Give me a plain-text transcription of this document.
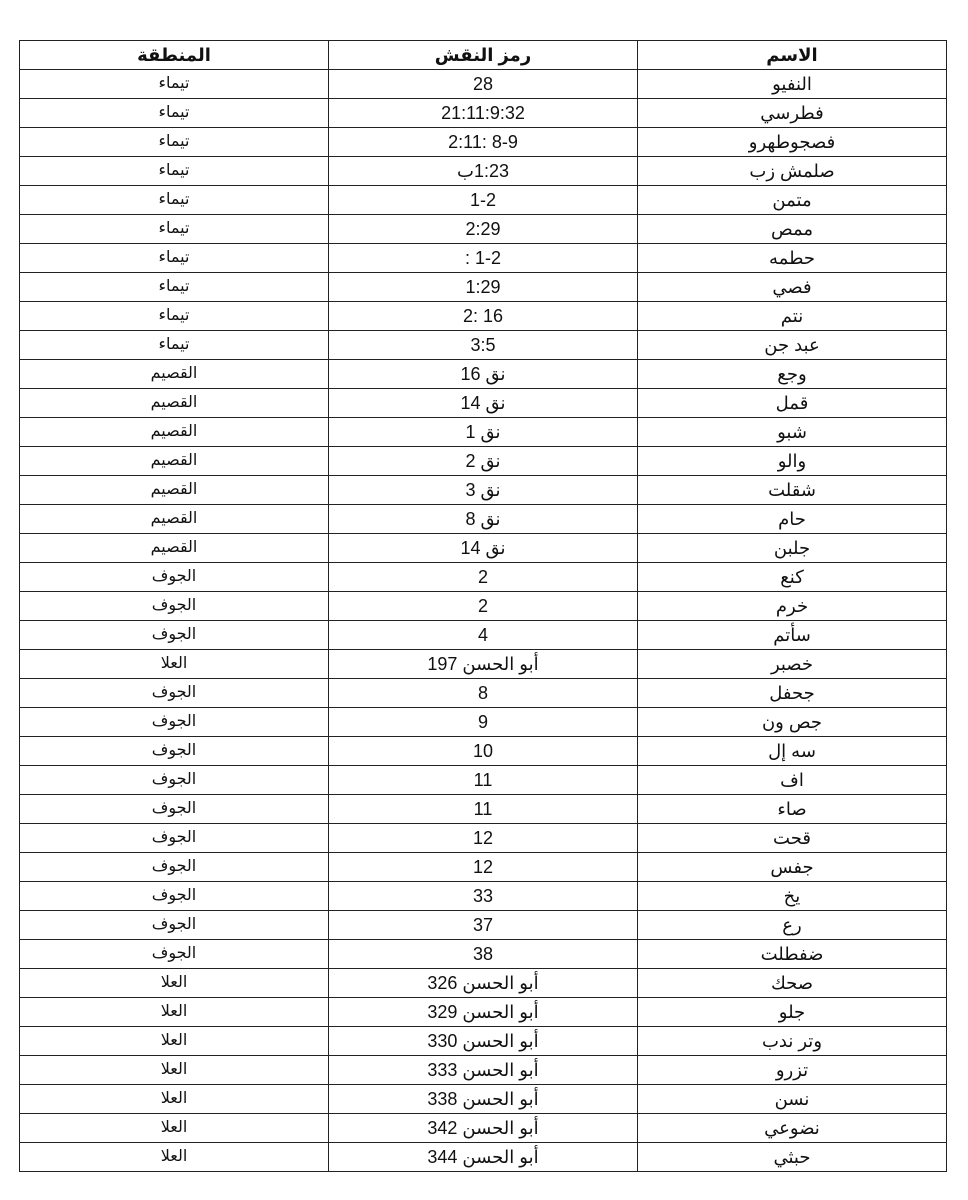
المنطقة	رمز النقش	الاسم
تيماء	28	النفيو
تيماء	21:11:9:32	فطرسي
تيماء	2:11: 8-9	فصجوطهرو
تيماء	1:23ب	صلمش زب
تيماء	1-2	متمن
تيماء	2:29	ممص
تيماء	: 1-2	حطمه
تيماء	1:29	فصي
تيماء	2: 16	نتم
تيماء	3:5	عبد جن
القصيم	نق 16	وجع
القصيم	نق 14	قمل
القصيم	نق 1	شبو
القصيم	نق 2	والو
القصيم	نق 3	شقلت
القصيم	نق 8	حام
القصيم	نق 14	جلبن
الجوف	2	كنع
الجوف	2	خرم
الجوف	4	سأتم
العلا	أبو الحسن 197	خصبر
الجوف	8	جحفل
الجوف	9	جص ون
الجوف	10	سه إل
الجوف	11	اف
الجوف	11	صاء
الجوف	12	قحت
الجوف	12	جفس
الجوف	33	يخ
الجوف	37	رع
الجوف	38	ضفطلت
العلا	أبو الحسن 326	صحك
العلا	أبو الحسن 329	جلو
العلا	أبو الحسن 330	وتر ندب
العلا	أبو الحسن 333	تزرو
العلا	أبو الحسن 338	نسن
العلا	أبو الحسن 342	نضوعي
العلا	أبو الحسن 344	حبثي
